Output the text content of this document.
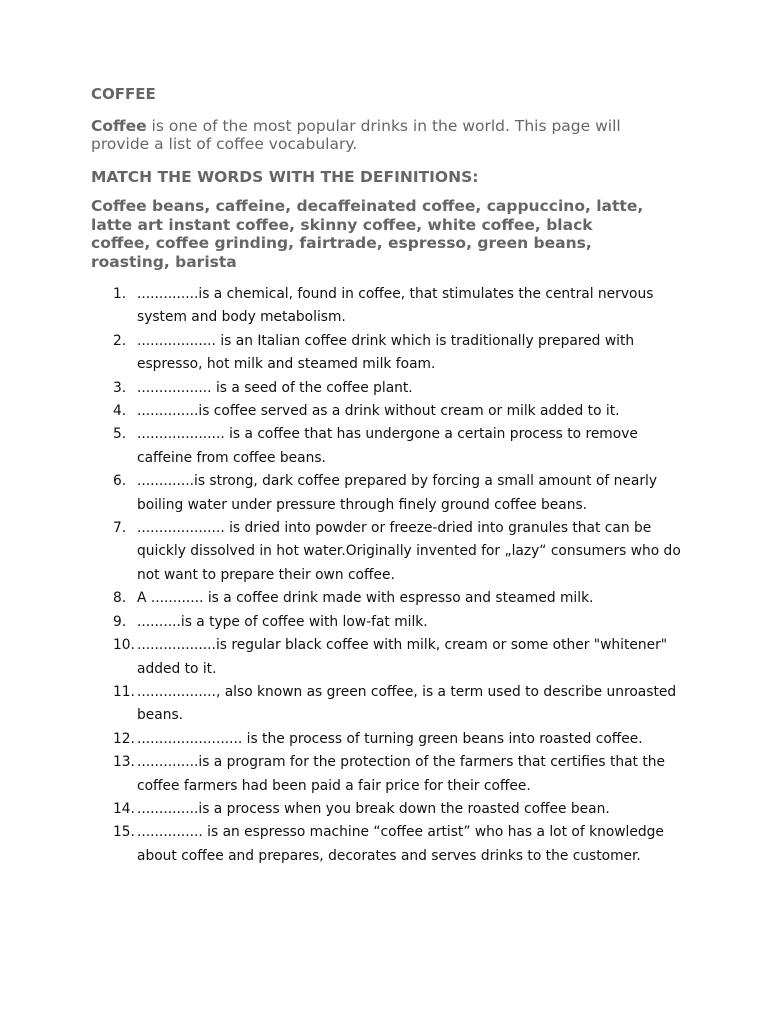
COFFEE
Coffee is one of the most popular drinks in the world. This page will provide a list of coffee vocabulary.
MATCH THE WORDS WITH THE DEFINITIONS:
Coffee beans, caffeine, decaffeinated coffee, cappuccino, latte, latte art instant coffee, skinny coffee, white coffee, black coffee, coffee grinding, fairtrade, espresso, green beans, roasting, barista
1. ..............is a chemical, found in coffee, that stimulates the central nervous system and body metabolism.
2. .................. is an Italian coffee drink which is traditionally prepared with espresso, hot milk and steamed milk foam.
3. ................. is a seed of the coffee plant.
4. ..............is coffee served as a drink without cream or milk added to it.
5. .................... is a coffee that has undergone a certain process to remove caffeine from coffee beans.
6. .............is strong, dark coffee prepared by forcing a small amount of nearly boiling water under pressure through finely ground coffee beans.
7. .................... is dried into powder or freeze-dried into granules that can be quickly dissolved in hot water.Originally invented for „lazy“ consumers who do not want to prepare their own coffee.
8. A ............ is a coffee drink made with espresso and steamed milk.
9. ..........is a type of coffee with low-fat milk.
10. ..................is regular black coffee with milk, cream or some other "whitener" added to it.
11. .................., also known as green coffee, is a term used to describe unroasted beans.
12. ........................ is the process of turning green beans into roasted coffee.
13. ..............is a program for the protection of the farmers that certifies that the coffee farmers had been paid a fair price for their coffee.
14. ..............is a process when you break down the roasted coffee bean.
15. ............... is an espresso machine “coffee artist” who has a lot of knowledge about coffee and prepares, decorates and serves drinks to the customer.
